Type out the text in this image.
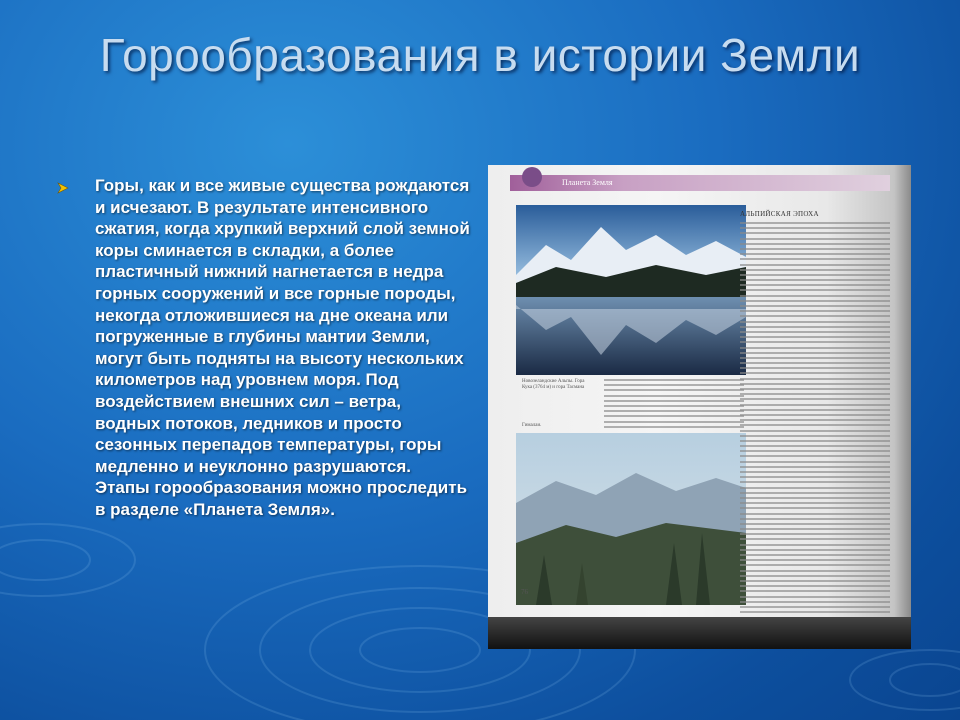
Горообразования в истории Земли
Горы, как и все живые существа рождаются и исчезают. В результате интенсивного сжатия, когда хрупкий верхний слой земной коры сминается в складки, а более пластичный нижний нагнетается в недра горных сооружений и все горные породы, некогда отложившиеся на дне океана или погруженные в глубины мантии Земли, могут быть подняты на высоту нескольких километров над уровнем моря. Под воздействием внешних сил – ветра, водных потоков, ледников и просто сезонных перепадов температуры, горы медленно и неуклонно разрушаются. Этапы горообразования можно проследить в разделе «Планета Земля».
Планета Земля
Новозеландские Альпы. Гора Кука (3764 м) и гора Тасмана
Гималаи.
АЛЬПИЙСКАЯ ЭПОХА
76
